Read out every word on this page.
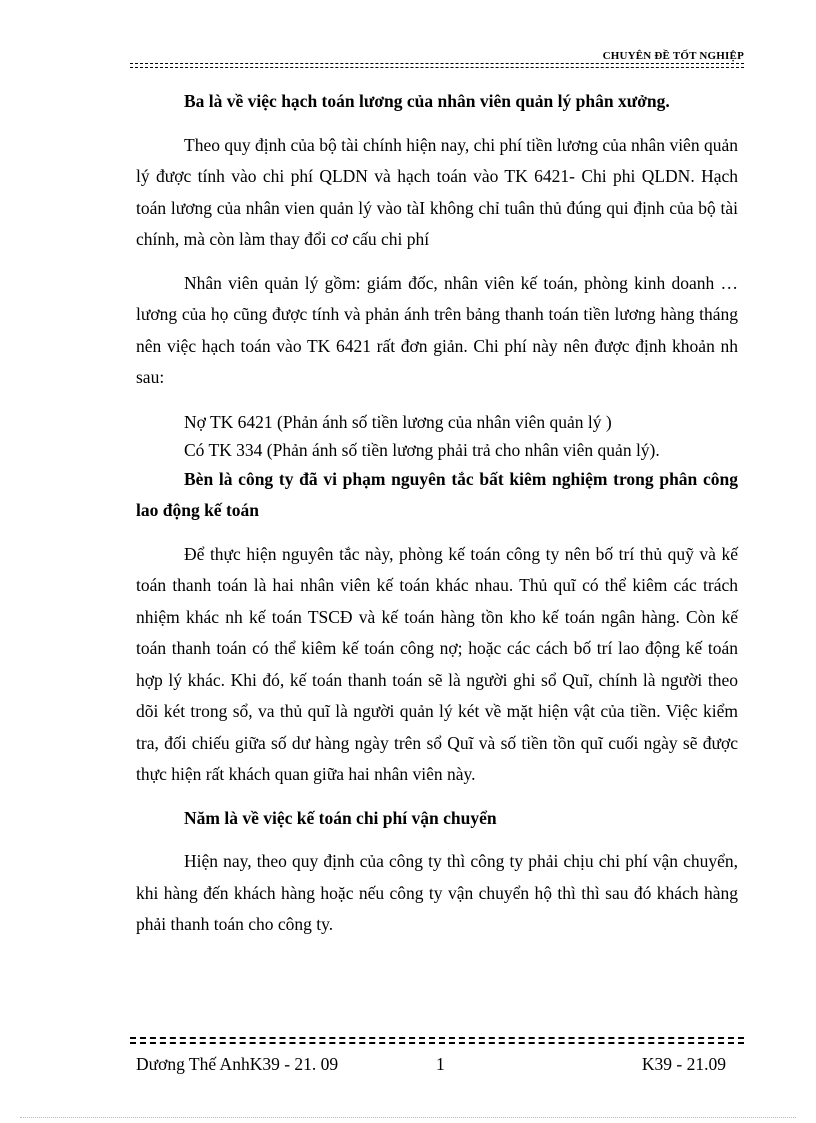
CHUYÊN ĐỀ TỐT NGHIỆP

Ba là về việc hạch toán lương của nhân viên quản lý phân xưởng.

Theo quy định của bộ tài chính hiện nay, chi phí tiền lương của nhân viên quản lý được tính vào chi phí QLDN và hạch toán vào TK 6421- Chi phi QLDN. Hạch toán lương của nhân vien quản lý vào tàI không chỉ tuân thủ đúng qui định của bộ tài chính, mà còn làm thay đổi cơ cấu chi phí

Nhân viên quản lý gồm: giám đốc, nhân viên kế toán, phòng kinh doanh …lương của họ cũng được tính và phản ánh trên bảng thanh toán tiền lương hàng tháng nên việc hạch toán vào TK 6421 rất đơn giản. Chi phí này nên được định khoản nh sau:

Nợ TK 6421 (Phản ánh số tiền lương của nhân viên quản lý )

Có TK 334 (Phản ánh số tiền lương phải trả cho nhân viên quản lý).

Bèn là công ty đã vi phạm nguyên tắc bất kiêm nghiệm trong phân công lao động kế toán

Để thực hiện nguyên tắc này, phòng kế toán công ty nên bố trí thủ quỹ và kế toán thanh toán là hai nhân viên kế toán khác nhau. Thủ quĩ có thể kiêm các trách nhiệm khác nh kế toán TSCĐ và kế toán hàng tồn kho kế toán ngân hàng. Còn kế toán thanh toán có thể kiêm kế toán công nợ; hoặc các cách bố trí lao động kế toán hợp lý khác. Khi đó, kế toán thanh toán sẽ là người ghi sổ Quĩ, chính là người theo dõi két trong sổ, va thủ quĩ là người quản lý két về mặt hiện vật của tiền. Việc kiểm tra, đối chiếu giữa số dư hàng ngày trên sổ Quĩ và số tiền tồn quĩ cuối ngày sẽ được thực hiện rất khách quan giữa hai nhân viên này.

Năm là về việc kế toán chi phí vận chuyển

Hiện nay, theo quy định của công ty thì công ty phải chịu chi phí vận chuyển, khi hàng đến khách hàng hoặc nếu công ty vận chuyển hộ thì thì sau đó khách hàng phải thanh toán cho công ty.

Dương Thế AnhK39 - 21. 09	1	K39 - 21.09
